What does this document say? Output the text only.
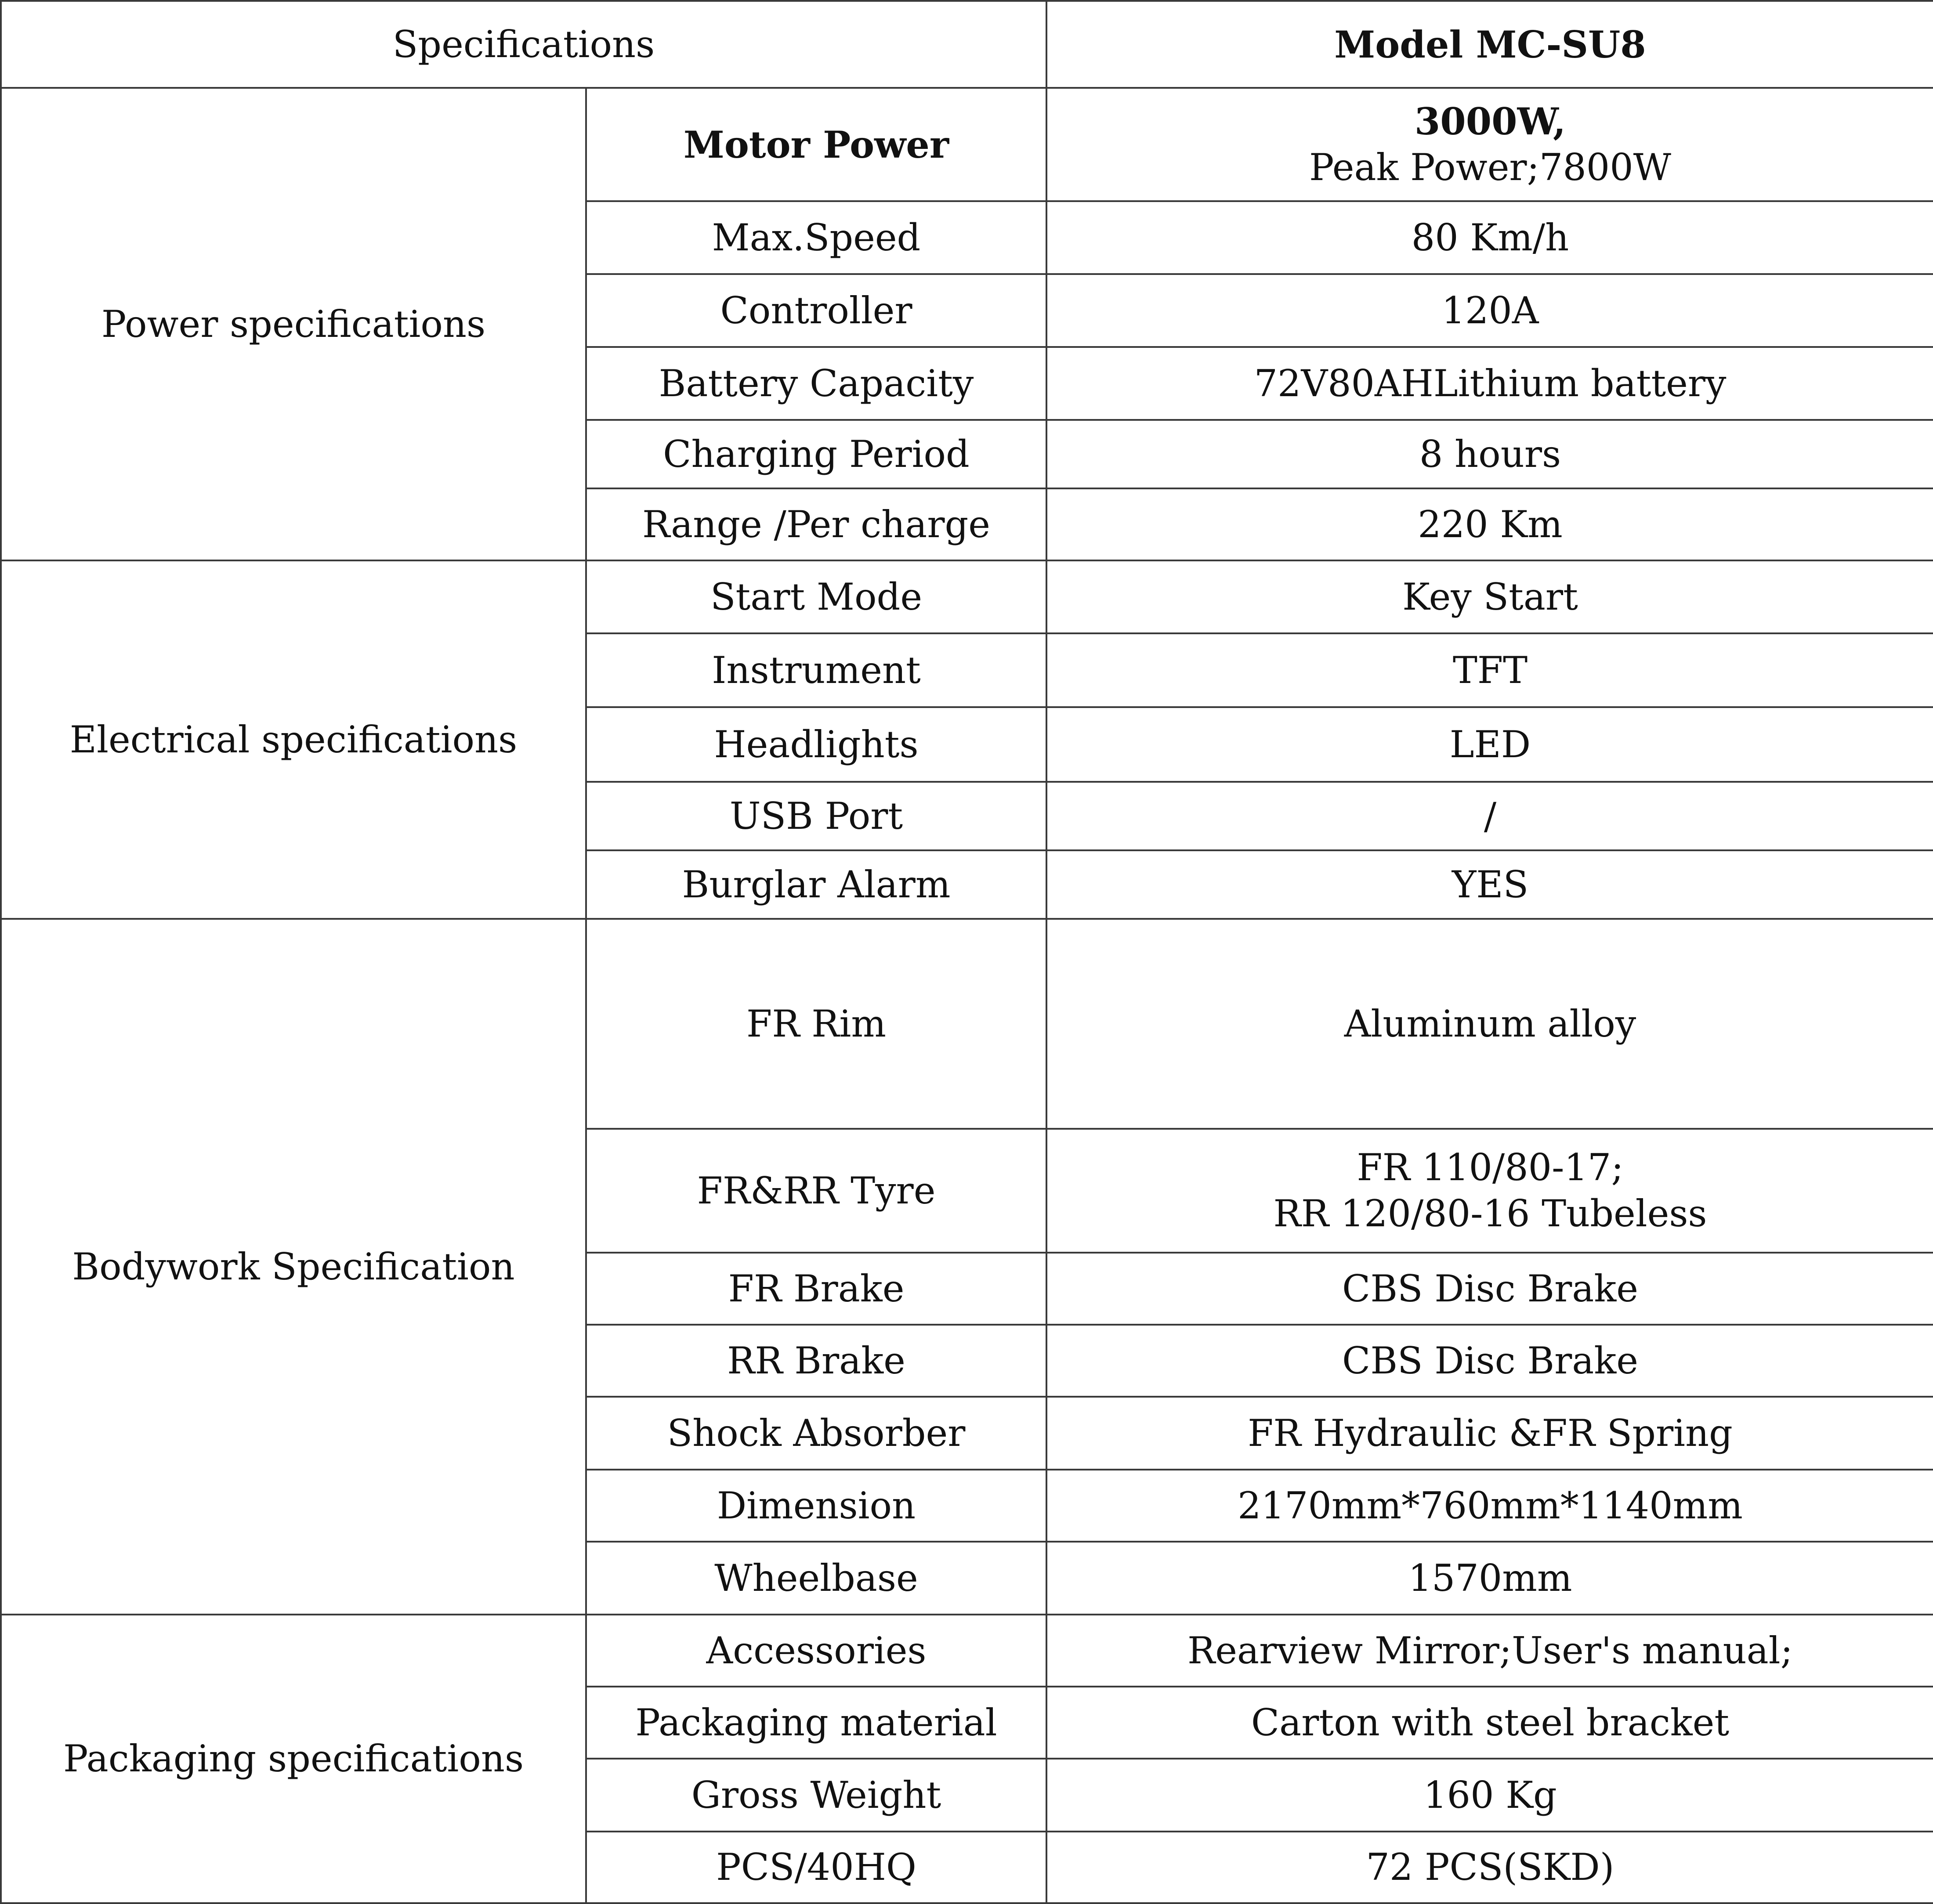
Specifications		Model MC-SU8
Power specifications	Motor Power	3000W,
Peak Power;7800W

	Max.Speed	80 Km/h
	Controller	120A
	Battery Capacity	72V80AHLithium battery
	Charging Period	8 hours
	Range /Per charge	220 Km
Electrical specifications	Start Mode	Key Start
	Instrument	TFT
	Headlights	LED
	USB Port	/
	Burglar Alarm	YES
Bodywork Specification	FR Rim	Aluminum alloy
	FR&RR Tyre	FR 110/80-17;
RR 120/80-16 Tubeless

	FR Brake	CBS Disc Brake
	RR Brake	CBS Disc Brake
	Shock Absorber	FR Hydraulic &FR Spring
	Dimension	2170mm*760mm*1140mm
	Wheelbase	1570mm
Packaging specifications	Accessories	Rearview Mirror;User's manual;
	Packaging material	Carton with steel bracket
	Gross Weight	160 Kg
	PCS/40HQ	72 PCS(SKD)
